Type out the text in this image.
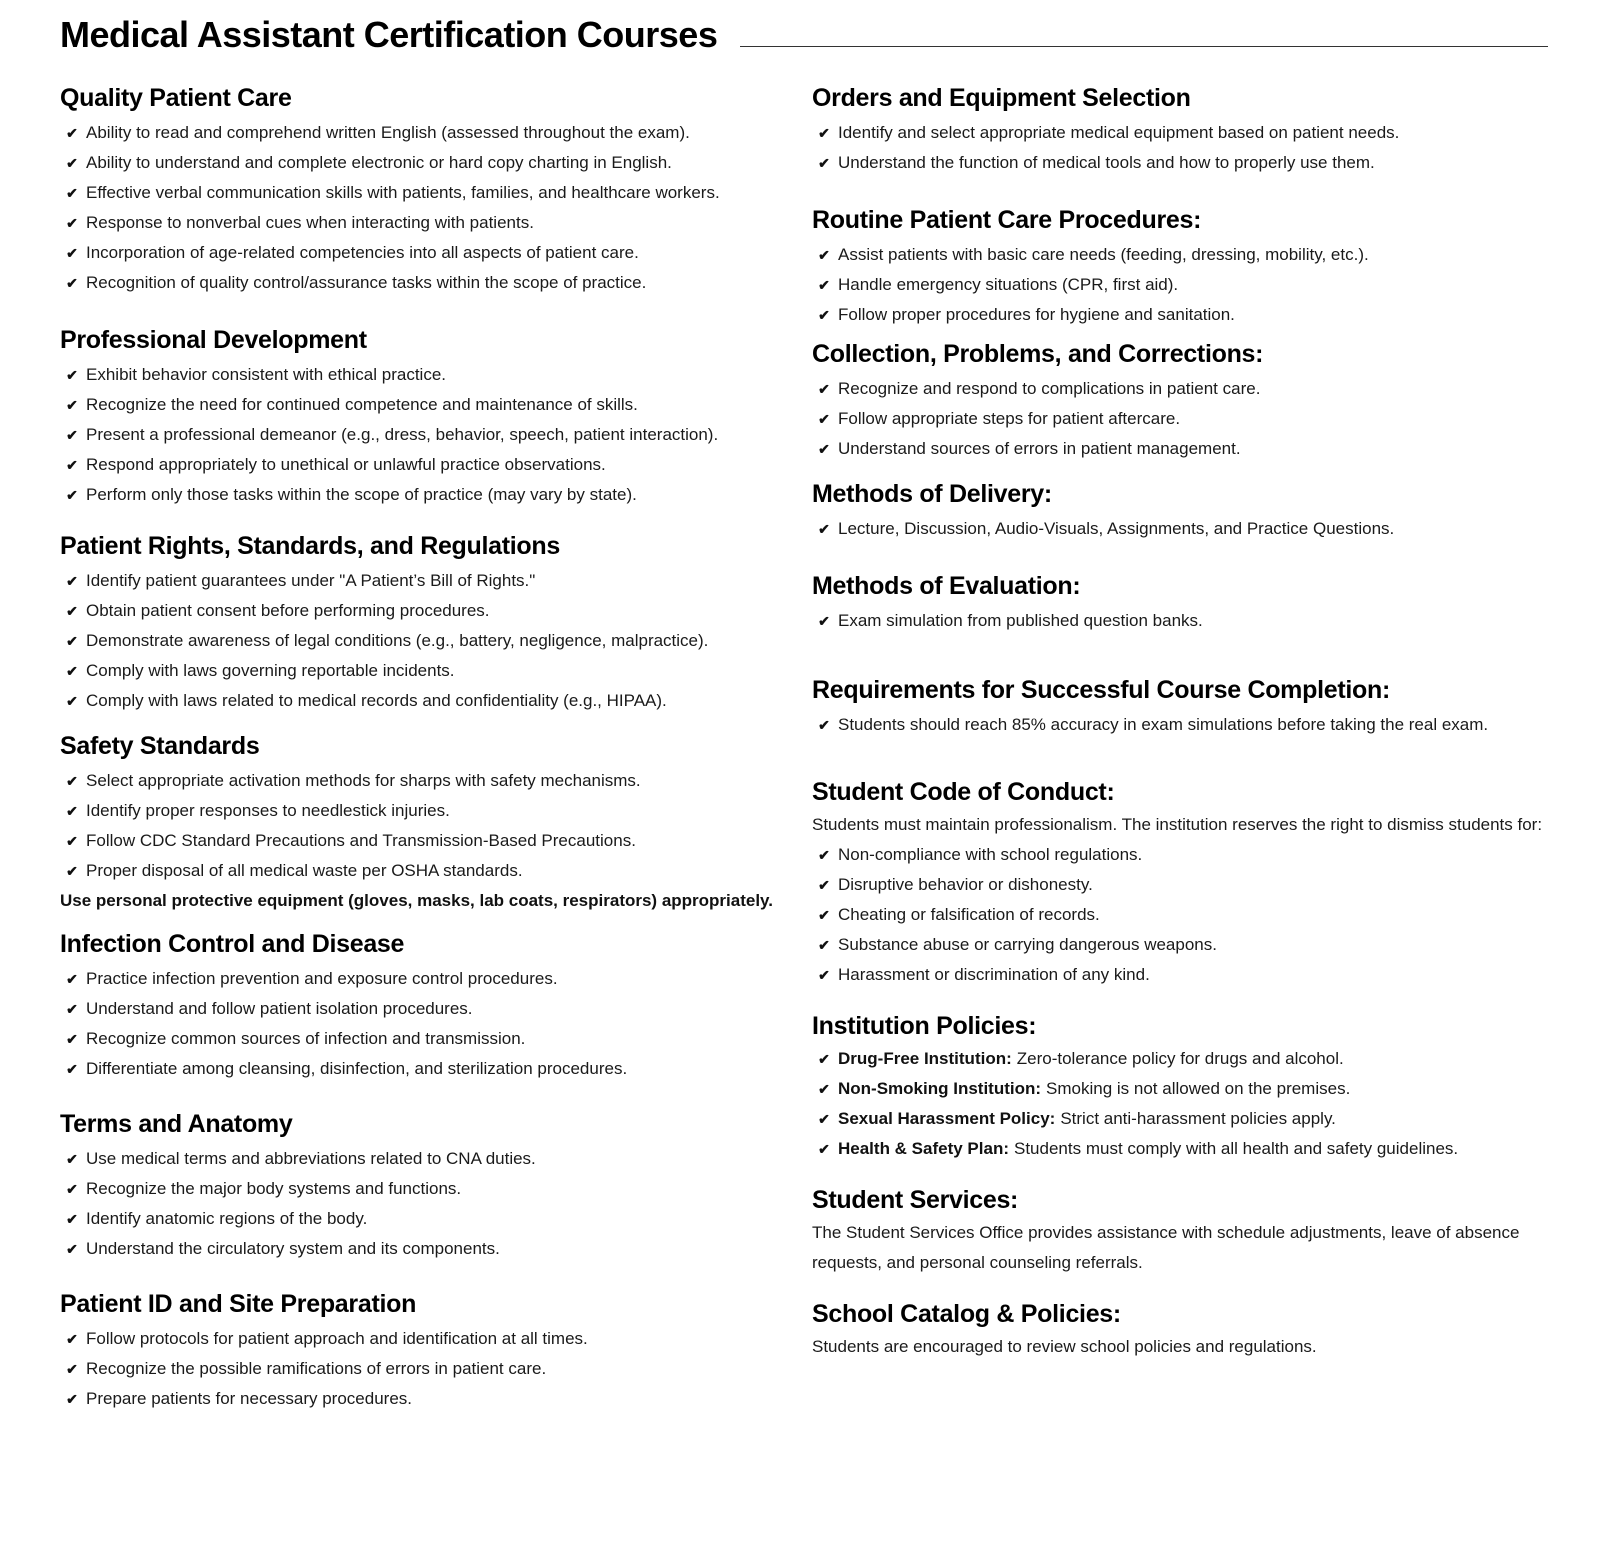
Medical Assistant Certification Courses
Quality Patient Care
✔ Ability to read and comprehend written English (assessed throughout the exam).
✔ Ability to understand and complete electronic or hard copy charting in English.
✔ Effective verbal communication skills with patients, families, and healthcare workers.
✔ Response to nonverbal cues when interacting with patients.
✔ Incorporation of age-related competencies into all aspects of patient care.
✔ Recognition of quality control/assurance tasks within the scope of practice.
Professional Development
✔ Exhibit behavior consistent with ethical practice.
✔ Recognize the need for continued competence and maintenance of skills.
✔ Present a professional demeanor (e.g., dress, behavior, speech, patient interaction).
✔ Respond appropriately to unethical or unlawful practice observations.
✔ Perform only those tasks within the scope of practice (may vary by state).
Patient Rights, Standards, and Regulations
✔ Identify patient guarantees under "A Patient’s Bill of Rights."
✔ Obtain patient consent before performing procedures.
✔ Demonstrate awareness of legal conditions (e.g., battery, negligence, malpractice).
✔ Comply with laws governing reportable incidents.
✔ Comply with laws related to medical records and confidentiality (e.g., HIPAA).
Safety Standards
✔ Select appropriate activation methods for sharps with safety mechanisms.
✔ Identify proper responses to needlestick injuries.
✔ Follow CDC Standard Precautions and Transmission-Based Precautions.
✔ Proper disposal of all medical waste per OSHA standards.
Use personal protective equipment (gloves, masks, lab coats, respirators) appropriately.
Infection Control and Disease
✔ Practice infection prevention and exposure control procedures.
✔ Understand and follow patient isolation procedures.
✔ Recognize common sources of infection and transmission.
✔ Differentiate among cleansing, disinfection, and sterilization procedures.
Terms and Anatomy
✔ Use medical terms and abbreviations related to CNA duties.
✔ Recognize the major body systems and functions.
✔ Identify anatomic regions of the body.
✔ Understand the circulatory system and its components.
Patient ID and Site Preparation
✔ Follow protocols for patient approach and identification at all times.
✔ Recognize the possible ramifications of errors in patient care.
✔ Prepare patients for necessary procedures.
Orders and Equipment Selection
✔ Identify and select appropriate medical equipment based on patient needs.
✔ Understand the function of medical tools and how to properly use them.
Routine Patient Care Procedures:
✔ Assist patients with basic care needs (feeding, dressing, mobility, etc.).
✔ Handle emergency situations (CPR, first aid).
✔ Follow proper procedures for hygiene and sanitation.
Collection, Problems, and Corrections:
✔ Recognize and respond to complications in patient care.
✔ Follow appropriate steps for patient aftercare.
✔ Understand sources of errors in patient management.
Methods of Delivery:
✔ Lecture, Discussion, Audio-Visuals, Assignments, and Practice Questions.
Methods of Evaluation:
✔ Exam simulation from published question banks.
Requirements for Successful Course Completion:
✔ Students should reach 85% accuracy in exam simulations before taking the real exam.
Student Code of Conduct:
Students must maintain professionalism. The institution reserves the right to dismiss students for:
✔ Non-compliance with school regulations.
✔ Disruptive behavior or dishonesty.
✔ Cheating or falsification of records.
✔ Substance abuse or carrying dangerous weapons.
✔ Harassment or discrimination of any kind.
Institution Policies:
✔ Drug-Free Institution: Zero-tolerance policy for drugs and alcohol.
✔ Non-Smoking Institution: Smoking is not allowed on the premises.
✔ Sexual Harassment Policy: Strict anti-harassment policies apply.
✔ Health & Safety Plan: Students must comply with all health and safety guidelines.
Student Services:
The Student Services Office provides assistance with schedule adjustments, leave of absence requests, and personal counseling referrals.
School Catalog & Policies:
Students are encouraged to review school policies and regulations.
